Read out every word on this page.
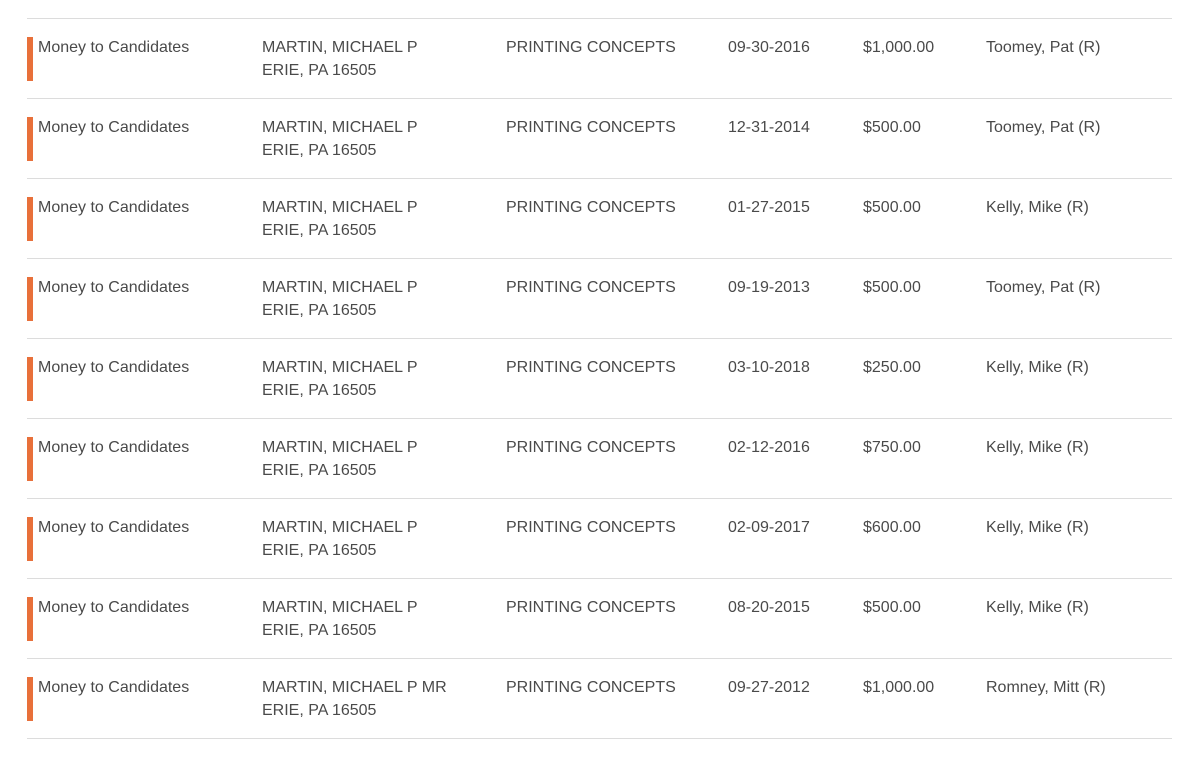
Money to Candidates	MARTIN, MICHAEL P
ERIE, PA 16505
PRINTING CONCEPTS	09-30-2016	$1,000.00	Toomey, Pat (R)
Money to Candidates	MARTIN, MICHAEL P
ERIE, PA 16505
PRINTING CONCEPTS	12-31-2014	$500.00	Toomey, Pat (R)
Money to Candidates	MARTIN, MICHAEL P
ERIE, PA 16505
PRINTING CONCEPTS	01-27-2015	$500.00	Kelly, Mike (R)
Money to Candidates	MARTIN, MICHAEL P
ERIE, PA 16505
PRINTING CONCEPTS	09-19-2013	$500.00	Toomey, Pat (R)
Money to Candidates	MARTIN, MICHAEL P
ERIE, PA 16505
PRINTING CONCEPTS	03-10-2018	$250.00	Kelly, Mike (R)
Money to Candidates	MARTIN, MICHAEL P
ERIE, PA 16505
PRINTING CONCEPTS	02-12-2016	$750.00	Kelly, Mike (R)
Money to Candidates	MARTIN, MICHAEL P
ERIE, PA 16505
PRINTING CONCEPTS	02-09-2017	$600.00	Kelly, Mike (R)
Money to Candidates	MARTIN, MICHAEL P
ERIE, PA 16505
PRINTING CONCEPTS	08-20-2015	$500.00	Kelly, Mike (R)
Money to Candidates	MARTIN, MICHAEL P MR
ERIE, PA 16505
PRINTING CONCEPTS	09-27-2012	$1,000.00	Romney, Mitt (R)
